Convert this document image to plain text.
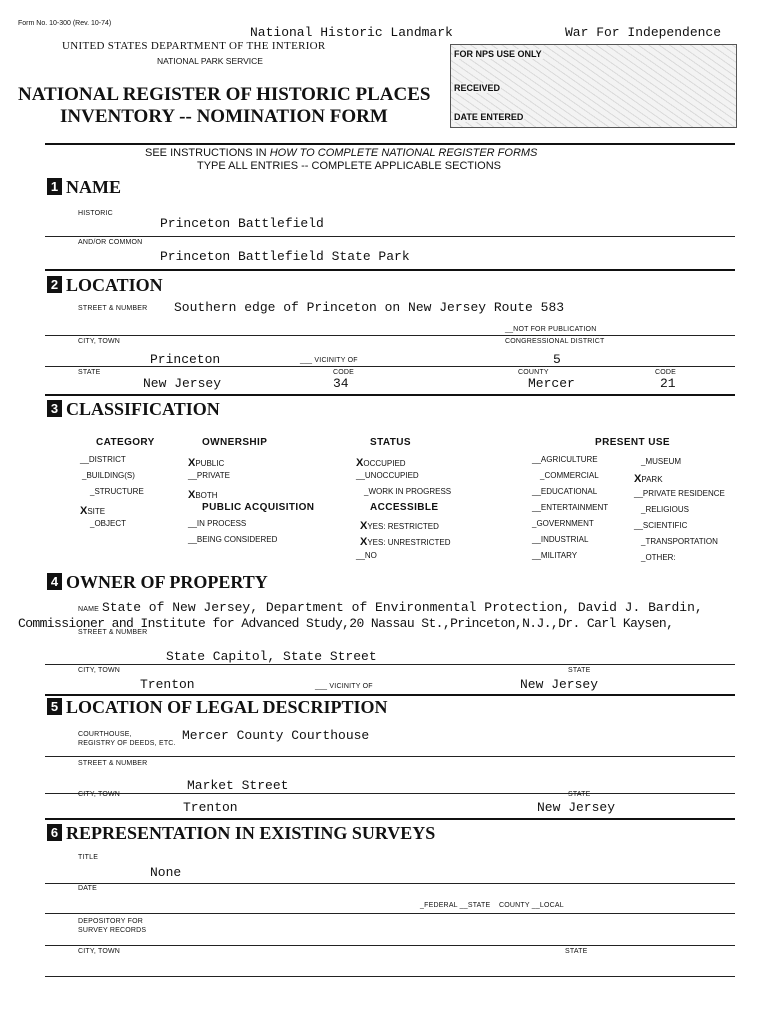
Form No. 10-300 (Rev. 10-74)
National Historic Landmark	War For Independence
UNITED STATES DEPARTMENT OF THE INTERIOR
NATIONAL PARK SERVICE
NATIONAL REGISTER OF HISTORIC PLACES
INVENTORY -- NOMINATION FORM
FOR NPS USE ONLY
RECEIVED
DATE ENTERED
SEE INSTRUCTIONS IN HOW TO COMPLETE NATIONAL REGISTER FORMS
TYPE ALL ENTRIES -- COMPLETE APPLICABLE SECTIONS
1 NAME
HISTORIC
Princeton Battlefield
AND/OR COMMON
Princeton Battlefield State Park
2 LOCATION
STREET & NUMBER Southern edge of Princeton on New Jersey Route 583
__NOT FOR PUBLICATION
CITY, TOWN	CONGRESSIONAL DISTRICT
Princeton	___ VICINITY OF	5
STATE	CODE	COUNTY	CODE
New Jersey	34	Mercer	21
3 CLASSIFICATION
CATEGORY
__DISTRICT
_BUILDING(S)
_STRUCTURE
XSITE
_OBJECT
OWNERSHIP
XPUBLIC
__PRIVATE
XBOTH
PUBLIC ACQUISITION
__IN PROCESS
__BEING CONSIDERED
STATUS
XOCCUPIED
__UNOCCUPIED
_WORK IN PROGRESS
ACCESSIBLE
XYES: RESTRICTED
XYES: UNRESTRICTED
__NO
PRESENT USE
__AGRICULTURE
_COMMERCIAL
__EDUCATIONAL
__ENTERTAINMENT
_GOVERNMENT
__INDUSTRIAL
__MILITARY
_MUSEUM
XPARK
__PRIVATE RESIDENCE
_RELIGIOUS
__SCIENTIFIC
_TRANSPORTATION
_OTHER:
4 OWNER OF PROPERTY
NAME State of New Jersey, Department of Environmental Protection, David J. Bardin,
Commissioner and Institute for Advanced Study,20 Nassau St.,Princeton,N.J.,Dr. Carl Kaysen,
STREET & NUMBER
State Capitol, State Street
CITY, TOWN	STATE
Trenton	___ VICINITY OF	New Jersey
5 LOCATION OF LEGAL DESCRIPTION
COURTHOUSE,
REGISTRY OF DEEDS, ETC.
Mercer County Courthouse
STREET & NUMBER
Market Street
CITY, TOWN	STATE
Trenton	New Jersey
6 REPRESENTATION IN EXISTING SURVEYS
TITLE
None
DATE
_FEDERAL __STATE    COUNTY __LOCAL
DEPOSITORY FOR
SURVEY RECORDS
CITY, TOWN	STATE
